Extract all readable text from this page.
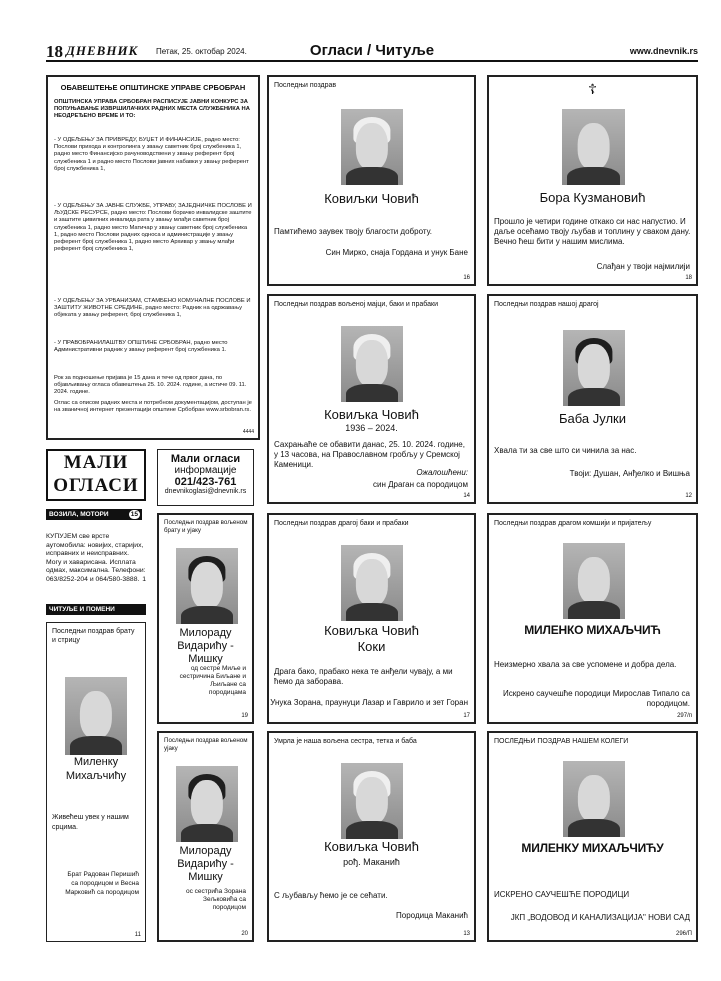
18 ДНЕВНИК Петак, 25. октобар 2024.	Огласи / Читуље	www.dnevnik.rs
ОБАВЕШТЕЊЕ ОПШТИНСКЕ УПРАВЕ СРБОБРАН
ОПШТИНСКА УПРАВА СРБОБРАН РАСПИСУЈЕ ЈАВНИ КОНКУРС ЗА ПОПУЊАВАЊЕ ИЗВРШИЛАЧКИХ РАДНИХ МЕСТА СЛУЖБЕНИКА НА НЕОДРЕЂЕНО ВРЕМЕ И ТО:
- У ОДЕЉЕЊУ ЗА ПРИВРЕДУ, БУЏЕТ И ФИНАНСИЈЕ, радно место: Послови прихода и контролинга у звању саветник број службеника 1, радно место Финансијско рачуноводствени у звању референт број службеника 1 и радно место Послови јавних набавки у звању референт број службеника 1,
- У ОДЕЉЕЊУ ЗА ЈАВНЕ СЛУЖБЕ, УПРАВУ, ЗАЈЕДНИЧКЕ ПОСЛОВЕ И ЉУДСКЕ РЕСУРСЕ, радно место: Послови борачко инвалидске заштите и заштите цивилних инвалида рата у звању млађи саветник број службеника 1, радно место Матичар у звању саветник број службеника 1, радно место Послови радних односа и администрације у звању референт број службеника 1, радно место Архивар у звању млађи референт број службеника 1,
- У ОДЕЉЕЊУ ЗА УРБАНИЗАМ, СТАМБЕНО КОМУНАЛНЕ ПОСЛОВЕ И ЗАШТИТУ ЖИВОТНЕ СРЕДИНЕ, радно место: Радник на одржавању објеката у звању референт, број службеника 1,
- У ПРАВОБРАНИЛАШТВУ ОПШТИНЕ СРБОБРАН, радно место Административни радник у звању референт број службеника 1.
Рок за подношење пријава је 15 дана и тече од првог дана, по објављивању огласа обавештења 25. 10. 2024. године, а истиче 09. 11. 2024. године.
Оглас са описом радних места и потребном документацијом, доступан је на званичној интернет презентацији општине Србобран www.srbobran.rs.
4444
МАЛИ
ОГЛАСИ
Мали огласи
информације
021/423-761
dnevnikoglasi@dnevnik.rs
ВОЗИЛА, МОТОРИ	15
КУПУЈЕМ све врсте аутомобила: новијих, старијих, исправних и неисправних. Могу и хаварисана. Исплата одмах, максимална. Телефони: 063/8252-204 и 064/580-3888. 1
ЧИТУЉЕ И ПОМЕНИ
Последњи поздрав
Ковиљки Човић
Памтићемо заувек твоју благости доброту.
Син Мирко, снаја Гордана и унук Бане
16
☦
Бора Кузмановић
Прошло је четири године откако си нас напустио. И даље осећамо твоју љубав и топлину у сваком дану. Вечно ћеш бити у нашим мислима.
Слађан у твоји најмилији
18
Последњи поздрав вољеној мајци, баки и прабаки
Ковиљка Човић
1936 – 2024.
Сахрањаће се обавити данас, 25. 10. 2024. године, у 13 часова, на Православном гробљу у Сремској Каменици.
Ожалошћени:
син Драган са породицом
14
Последњи поздрав нашој драгој
Баба Јулки
Хвала ти за све што си чинила за нас.
Твоји: Душан, Анђелко и Вишња
12
Последњи поздрав вољеном брату и ујаку
Милораду Видарићу - Мишку
од сестре Миље и сестричина Биљане и Љиљане са породицама
19
Последњи поздрав драгој баки и прабаки
Ковиљка Човић
Коки
Драга бако, прабако нека те анђели чувају, а ми ћемо да заборава.
Унука Зорана, праунуци Лазар и Гаврило и зет Горан
17
Последњи поздрав драгом комшији и пријатељу
МИЛЕНКО МИХАЉЧИЋ
Неизмерно хвала за све успомене и добра дела.
Искрено саучешће породици Мирослав Типало са породицом.
297/п
Последњи поздрав брату и стрицу
Миленку Михаљчићу
Живећеш увек у нашим срцима.
Брат Радован Перишић са породицом и Весна Марковић са породицом
11
Последњи поздрав вољеном ујаку
Милораду Видарићу - Мишку
ос сестрића Зорана Зељковића са породицом
20
Умрла је наша вољена сестра, тетка и баба
Ковиљка Човић
рођ. Маканић
С љубављу ћемо је се сећати.
Породица Маканић
13
ПОСЛЕДЊИ ПОЗДРАВ НАШЕМ КОЛЕГИ
МИЛЕНКУ МИХАЉЧИЋУ
ИСКРЕНО САУЧЕШЋЕ ПОРОДИЦИ
ЈКП „ВОДОВОД И КАНАЛИЗАЦИЈА" НОВИ САД
296/П
